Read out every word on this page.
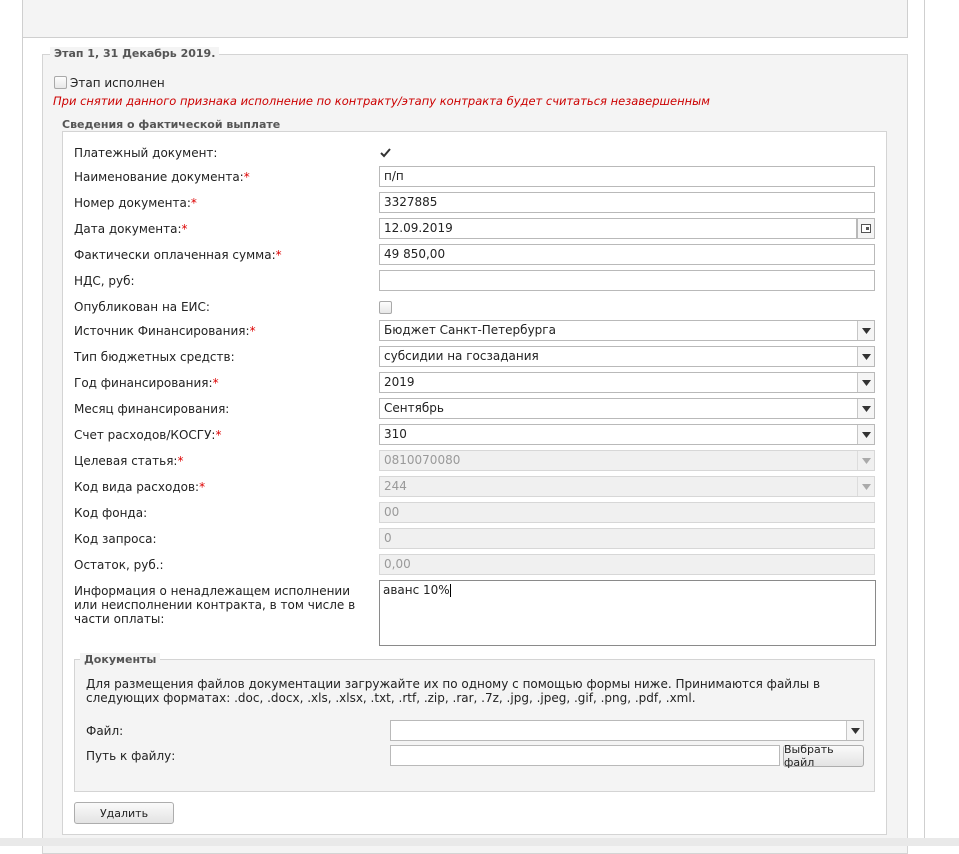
Этап 1, 31 Декабрь 2019.
Этап исполнен
При снятии данного признака исполнение по контракту/этапу контракта будет считаться незавершенным
Сведения о фактической выплате
Платежный документ:
Наименование документа:*	п/п
Номер документа:*	3327885
Дата документа:*	12.09.2019
Фактически оплаченная сумма:*	49 850,00
НДС, руб:
Опубликован на ЕИС:
Источник Финансирования:*	Бюджет Санкт-Петербурга
Тип бюджетных средств:	субсидии на госзадания
Год финансирования:*	2019
Месяц финансирования:	Сентябрь
Счет расходов/КОСГУ:*	310
Целевая статья:*	0810070080
Код вида расходов:*	244
Код фонда:	00
Код запроса:	0
Остаток, руб.:	0,00
Информация о ненадлежащем исполнении или неисполнении контракта, в том числе в части оплаты:
аванс 10%
Документы
Для размещения файлов документации загружайте их по одному с помощью формы ниже. Принимаются файлы в следующих форматах: .doc, .docx, .xls, .xlsx, .txt, .rtf, .zip, .rar, .7z, .jpg, .jpeg, .gif, .png, .pdf, .xml.
Файл:
Путь к файлу:	Выбрать файл
Удалить
